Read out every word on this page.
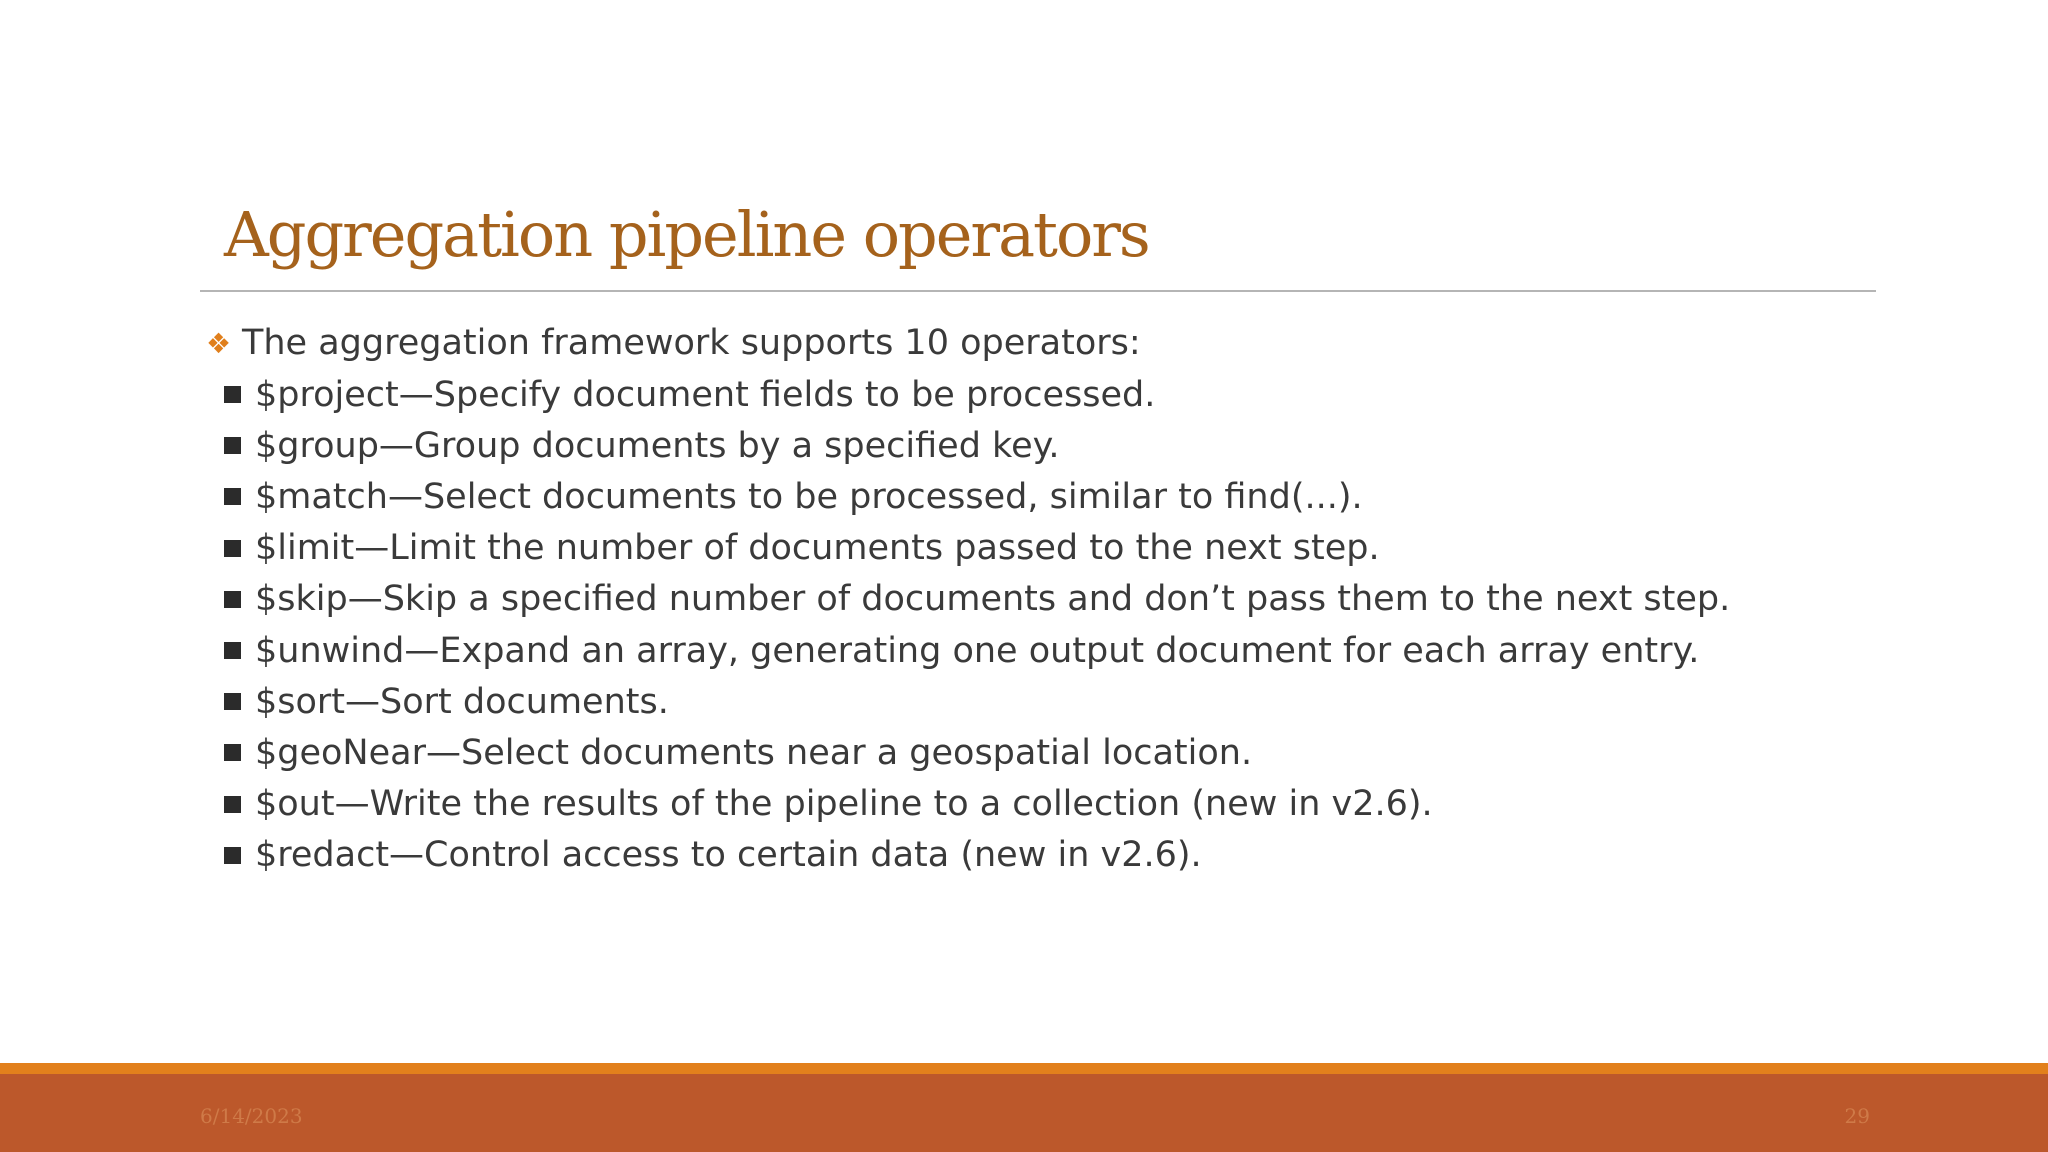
Aggregation pipeline operators
❖ The aggregation framework supports 10 operators:
$project—Specify document fields to be processed.
$group—Group documents by a specified key.
$match—Select documents to be processed, similar to find(...).
$limit—Limit the number of documents passed to the next step.
$skip—Skip a specified number of documents and don’t pass them to the next step.
$unwind—Expand an array, generating one output document for each array entry.
$sort—Sort documents.
$geoNear—Select documents near a geospatial location.
$out—Write the results of the pipeline to a collection (new in v2.6).
$redact—Control access to certain data (new in v2.6).
6/14/2023	29
